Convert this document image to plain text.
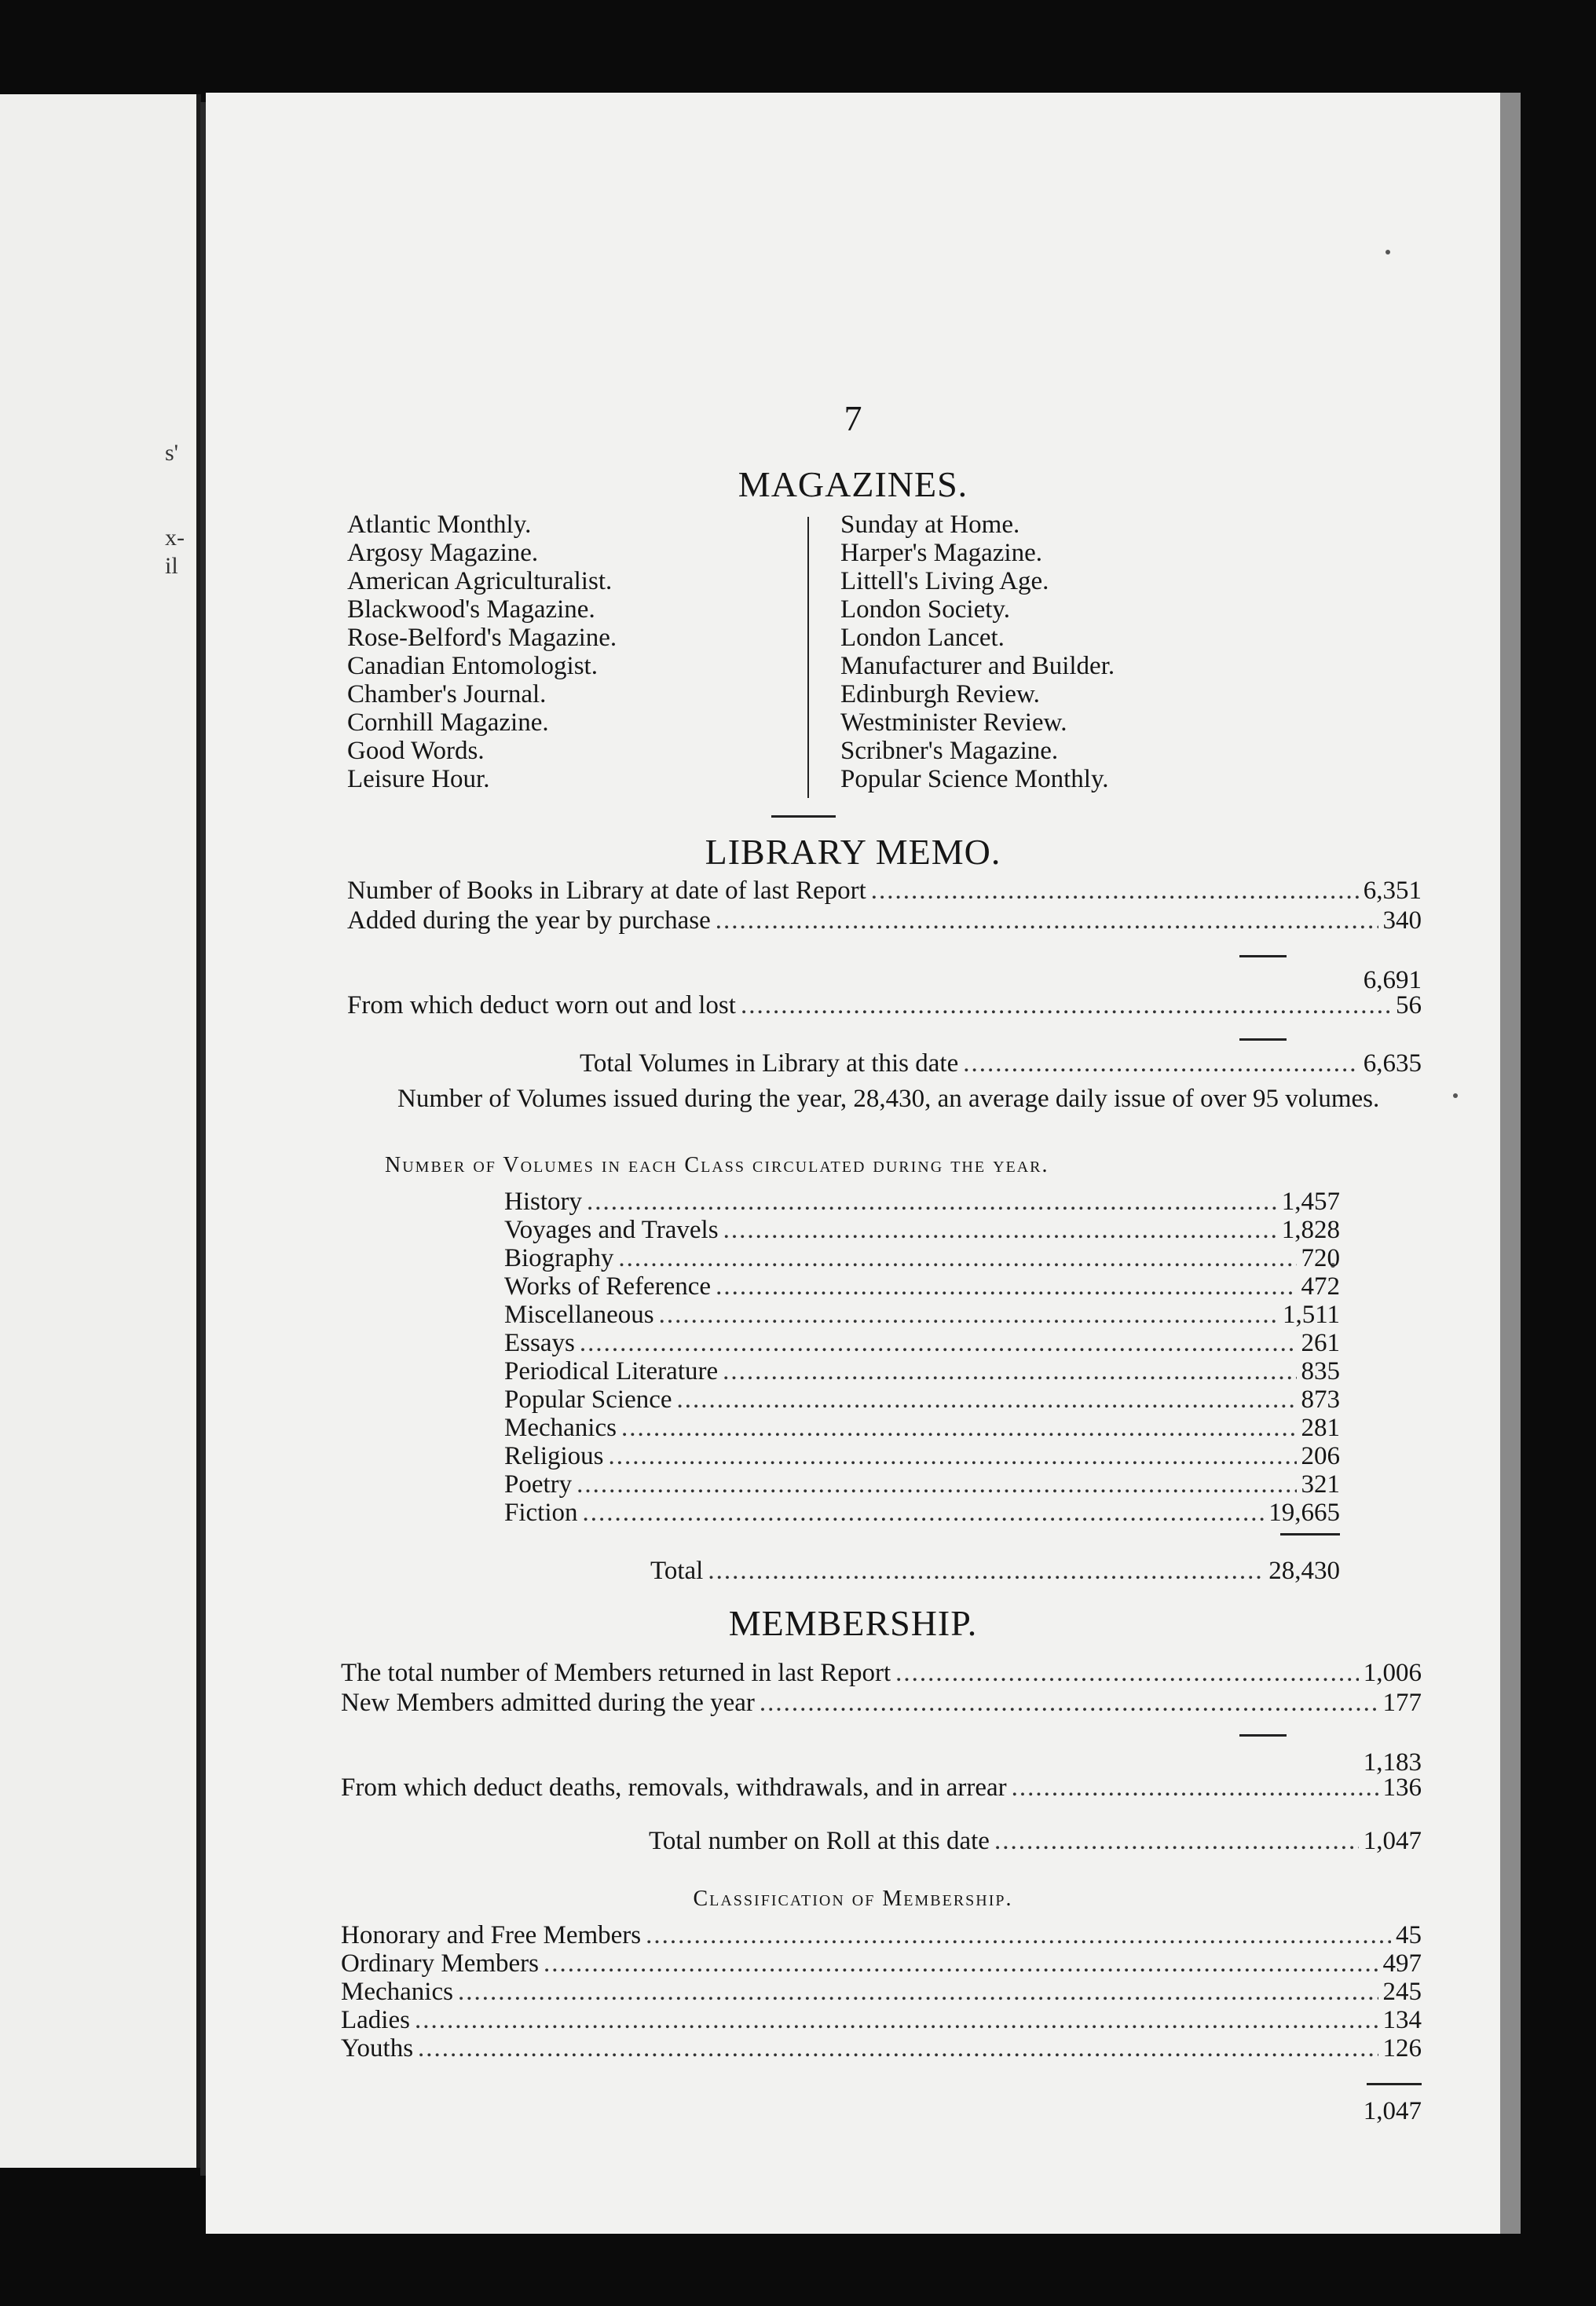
s'
x-
il
7
MAGAZINES.
Atlantic Monthly.
Argosy Magazine.
American Agriculturalist.
Blackwood's Magazine.
Rose-Belford's Magazine.
Canadian Entomologist.
Chamber's Journal.
Cornhill Magazine.
Good Words.
Leisure Hour.
Sunday at Home.
Harper's Magazine.
Littell's Living Age.
London Society.
London Lancet.
Manufacturer and Builder.
Edinburgh Review.
Westminister Review.
Scribner's Magazine.
Popular Science Monthly.
LIBRARY MEMO.
Number of Books in Library at date of last Report .....	6,351
Added during the year by purchase .....	340
6,691
From which deduct worn out and lost .....	56
Total Volumes in Library at this date .....	6,635
Number of Volumes issued during the year, 28,430, an average daily issue of over 95 volumes.
Number of Volumes in each Class circulated during the year.
History .....	1,457
Voyages and Travels .....	1,828
Biography .....	720
Works of Reference .....	472
Miscellaneous .....	1,511
Essays .....	261
Periodical Literature .....	835
Popular Science .....	873
Mechanics .....	281
Religious .....	206
Poetry .....	321
Fiction .....	19,665
Total .....	28,430
MEMBERSHIP.
The total number of Members returned in last Report .....	1,006
New Members admitted during the year .....	177
1,183
From which deduct deaths, removals, withdrawals, and in arrear .....	136
Total number on Roll at this date .....	1,047
Classification of Membership.
Honorary and Free Members .....	45
Ordinary Members .....	497
Mechanics .....	245
Ladies .....	134
Youths .....	126
1,047
